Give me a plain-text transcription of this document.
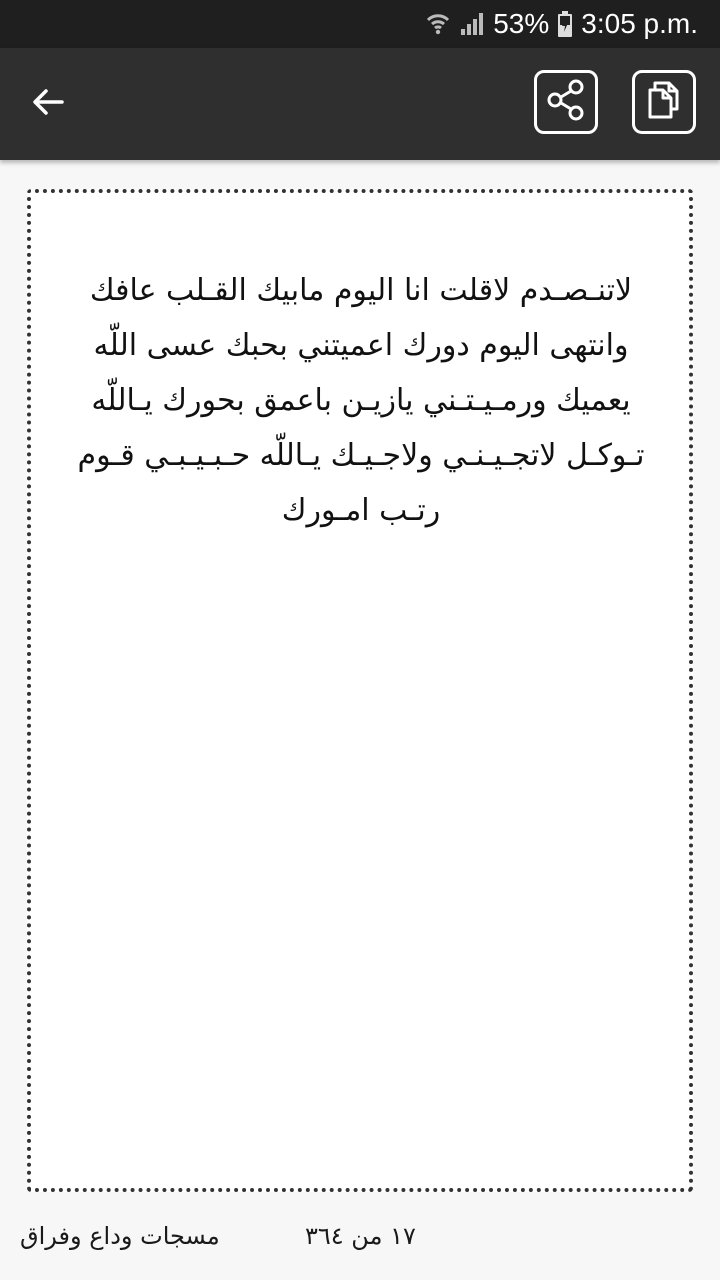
53% 3:05 p.m.

لاتنـصـدم لاقلت انا اليوم مابيك القـلب عافك وانتهى اليوم دورك اعميتني بحبك عسى اللّه يعميك ورمـيـتـني يازيـن باعمق بحورك يـاللّه تـوكـل لاتجـيـنـي ولاجـيـك يـاللّه حـبـيـبـي قـوم رتـب امـورك

مسجات وداع وفراق	١٧ من ٣٦٤
